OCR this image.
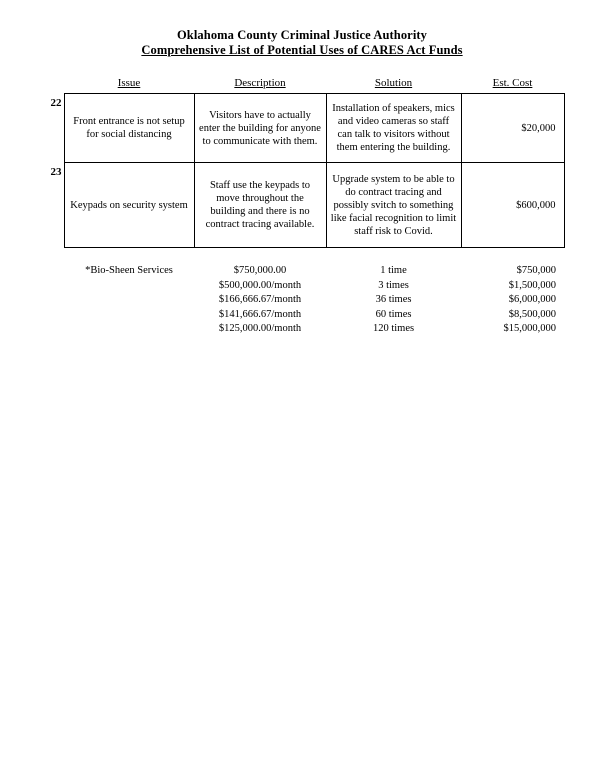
Oklahoma County Criminal Justice Authority
Comprehensive List of Potential Uses of CARES Act Funds
	Issue	Description	Solution	Est. Cost
22	Front entrance is not setup for social distancing	Visitors have to actually enter the building for anyone to communicate with them.	Installation of speakers, mics and video cameras so staff can talk to visitors without them entering the building.	$20,000
23	Keypads on security system	Staff use the keypads to move throughout the building and there is no contract tracing available.	Upgrade system to be able to do contract tracing and possibly svitch to something like facial recognition to limit staff risk to Covid.	$600,000
	*Bio-Sheen Services	$750,000.00	1 time	$750,000
		$500,000.00/month	3 times	$1,500,000
		$166,666.67/month	36 times	$6,000,000
		$141,666.67/month	60 times	$8,500,000
		$125,000.00/month	120 times	$15,000,000
